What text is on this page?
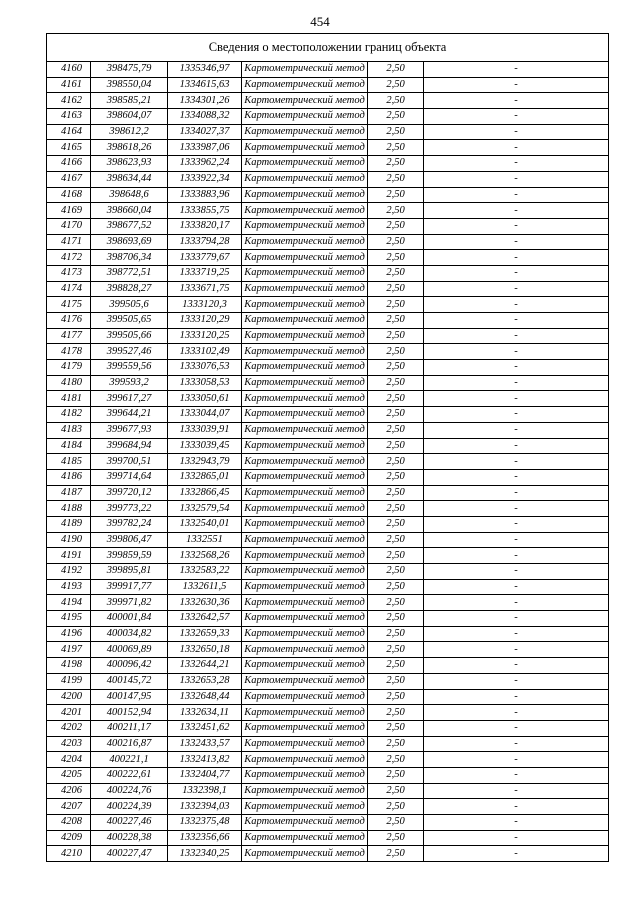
454
Сведения о местоположении границ объекта					
4160	398475,79	1335346,97	Картометрический метод	2,50	-
4161	398550,04	1334615,63	Картометрический метод	2,50	-
4162	398585,21	1334301,26	Картометрический метод	2,50	-
4163	398604,07	1334088,32	Картометрический метод	2,50	-
4164	398612,2	1334027,37	Картометрический метод	2,50	-
4165	398618,26	1333987,06	Картометрический метод	2,50	-
4166	398623,93	1333962,24	Картометрический метод	2,50	-
4167	398634,44	1333922,34	Картометрический метод	2,50	-
4168	398648,6	1333883,96	Картометрический метод	2,50	-
4169	398660,04	1333855,75	Картометрический метод	2,50	-
4170	398677,52	1333820,17	Картометрический метод	2,50	-
4171	398693,69	1333794,28	Картометрический метод	2,50	-
4172	398706,34	1333779,67	Картометрический метод	2,50	-
4173	398772,51	1333719,25	Картометрический метод	2,50	-
4174	398828,27	1333671,75	Картометрический метод	2,50	-
4175	399505,6	1333120,3	Картометрический метод	2,50	-
4176	399505,65	1333120,29	Картометрический метод	2,50	-
4177	399505,66	1333120,25	Картометрический метод	2,50	-
4178	399527,46	1333102,49	Картометрический метод	2,50	-
4179	399559,56	1333076,53	Картометрический метод	2,50	-
4180	399593,2	1333058,53	Картометрический метод	2,50	-
4181	399617,27	1333050,61	Картометрический метод	2,50	-
4182	399644,21	1333044,07	Картометрический метод	2,50	-
4183	399677,93	1333039,91	Картометрический метод	2,50	-
4184	399684,94	1333039,45	Картометрический метод	2,50	-
4185	399700,51	1332943,79	Картометрический метод	2,50	-
4186	399714,64	1332865,01	Картометрический метод	2,50	-
4187	399720,12	1332866,45	Картометрический метод	2,50	-
4188	399773,22	1332579,54	Картометрический метод	2,50	-
4189	399782,24	1332540,01	Картометрический метод	2,50	-
4190	399806,47	1332551	Картометрический метод	2,50	-
4191	399859,59	1332568,26	Картометрический метод	2,50	-
4192	399895,81	1332583,22	Картометрический метод	2,50	-
4193	399917,77	1332611,5	Картометрический метод	2,50	-
4194	399971,82	1332630,36	Картометрический метод	2,50	-
4195	400001,84	1332642,57	Картометрический метод	2,50	-
4196	400034,82	1332659,33	Картометрический метод	2,50	-
4197	400069,89	1332650,18	Картометрический метод	2,50	-
4198	400096,42	1332644,21	Картометрический метод	2,50	-
4199	400145,72	1332653,28	Картометрический метод	2,50	-
4200	400147,95	1332648,44	Картометрический метод	2,50	-
4201	400152,94	1332634,11	Картометрический метод	2,50	-
4202	400211,17	1332451,62	Картометрический метод	2,50	-
4203	400216,87	1332433,57	Картометрический метод	2,50	-
4204	400221,1	1332413,82	Картометрический метод	2,50	-
4205	400222,61	1332404,77	Картометрический метод	2,50	-
4206	400224,76	1332398,1	Картометрический метод	2,50	-
4207	400224,39	1332394,03	Картометрический метод	2,50	-
4208	400227,46	1332375,48	Картометрический метод	2,50	-
4209	400228,38	1332356,66	Картометрический метод	2,50	-
4210	400227,47	1332340,25	Картометрический метод	2,50	-
